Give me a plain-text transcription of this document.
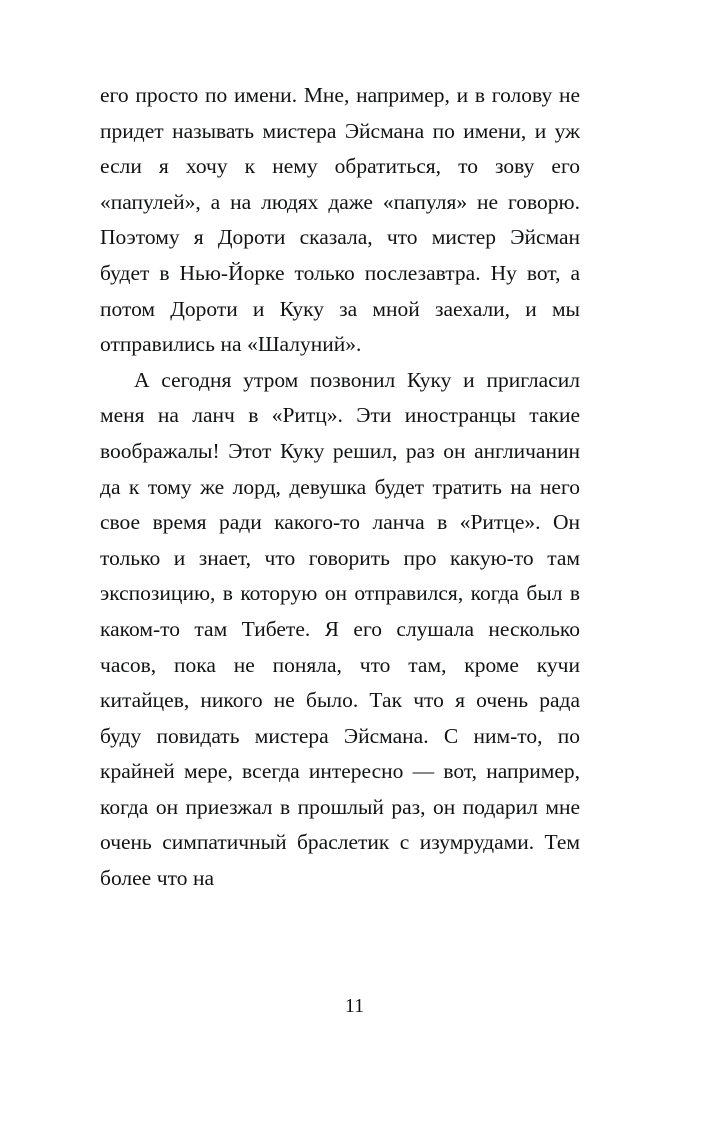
его просто по имени. Мне, например, и в голову не придет называть мистера Эйсмана по имени, и уж если я хочу к нему обратиться, то зову его «папулей», а на людях даже «папуля» не говорю. Поэтому я Дороти сказала, что мистер Эйсман будет в Нью-Йорке только послезавтра. Ну вот, а потом Дороти и Куку за мной заехали, и мы отправились на «Шалуний».

А сегодня утром позвонил Куку и пригласил меня на ланч в «Ритц». Эти иностранцы такие воображалы! Этот Куку решил, раз он англичанин да к тому же лорд, девушка будет тратить на него свое время ради какого-то ланча в «Ритце». Он только и знает, что говорить про какую-то там экспозицию, в которую он отправился, когда был в каком-то там Тибете. Я его слушала несколько часов, пока не поняла, что там, кроме кучи китайцев, никого не было. Так что я очень рада буду повидать мистера Эйсмана. С ним-то, по крайней мере, всегда интересно — вот, например, когда он приезжал в прошлый раз, он подарил мне очень симпатичный браслетик с изумрудами. Тем более что на

11
